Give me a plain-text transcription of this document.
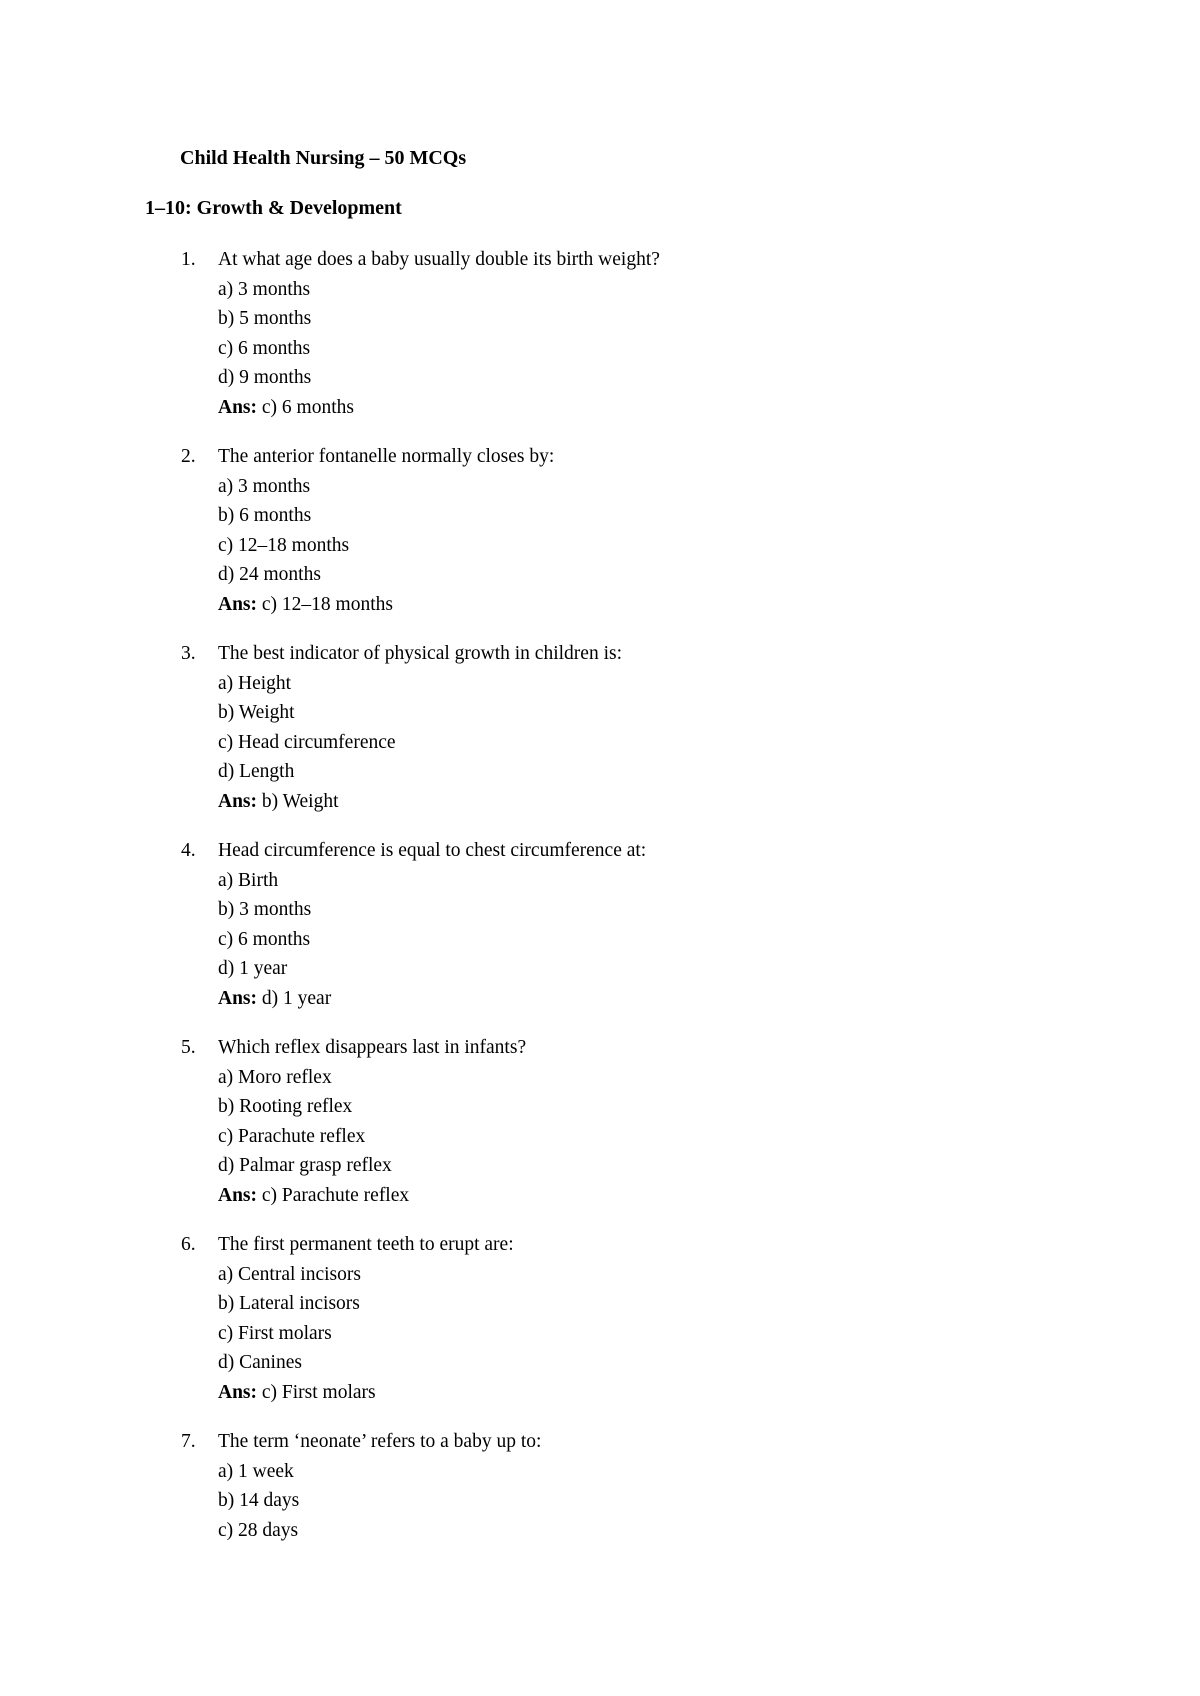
Child Health Nursing – 50 MCQs

1–10: Growth & Development

1. At what age does a baby usually double its birth weight?
a) 3 months
b) 5 months
c) 6 months
d) 9 months
Ans: c) 6 months
2. The anterior fontanelle normally closes by:
a) 3 months
b) 6 months
c) 12–18 months
d) 24 months
Ans: c) 12–18 months
3. The best indicator of physical growth in children is:
a) Height
b) Weight
c) Head circumference
d) Length
Ans: b) Weight
4. Head circumference is equal to chest circumference at:
a) Birth
b) 3 months
c) 6 months
d) 1 year
Ans: d) 1 year
5. Which reflex disappears last in infants?
a) Moro reflex
b) Rooting reflex
c) Parachute reflex
d) Palmar grasp reflex
Ans: c) Parachute reflex
6. The first permanent teeth to erupt are:
a) Central incisors
b) Lateral incisors
c) First molars
d) Canines
Ans: c) First molars
7. The term ‘neonate’ refers to a baby up to:
a) 1 week
b) 14 days
c) 28 days
